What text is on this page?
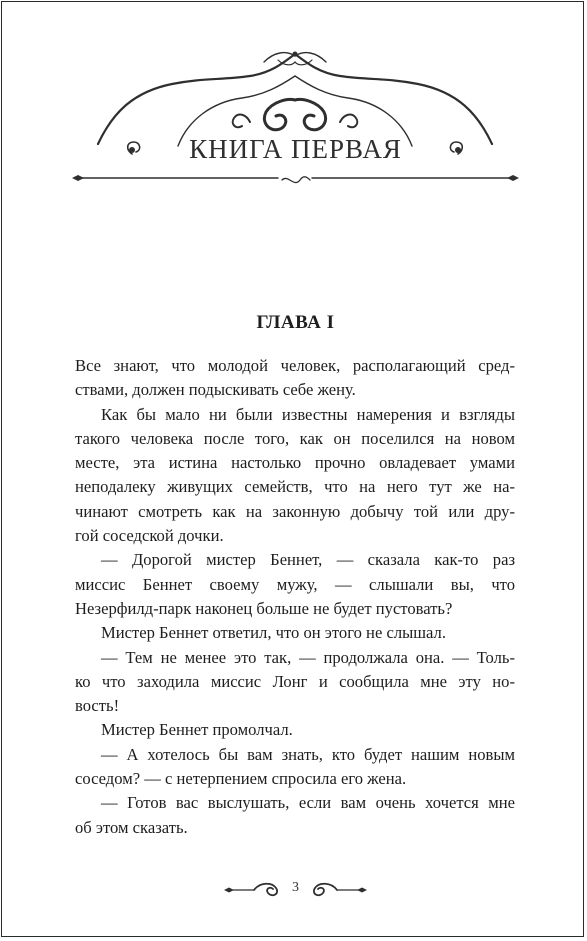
КНИГА ПЕРВАЯ
ГЛАВА I

Все знают, что молодой человек, располагающий сред-

ствами, должен подыскивать себе жену.

Как бы мало ни были известны намерения и взгляды

такого человека после того, как он поселился на новом

месте, эта истина настолько прочно овладевает умами

неподалеку живущих семейств, что на него тут же на-

чинают смотреть как на законную добычу той или дру-

гой соседской дочки.

— Дорогой мистер Беннет, — сказала как-то раз

миссис Беннет своему мужу, — слышали вы, что

Незерфилд-парк наконец больше не будет пустовать?

Мистер Беннет ответил, что он этого не слышал.

— Тем не менее это так, — продолжала она. — Толь-

ко что заходила миссис Лонг и сообщила мне эту но-

вость!

Мистер Беннет промолчал.

— А хотелось бы вам знать, кто будет нашим новым

соседом? — с нетерпением спросила его жена.

— Готов вас выслушать, если вам очень хочется мне

об этом сказать.

3
